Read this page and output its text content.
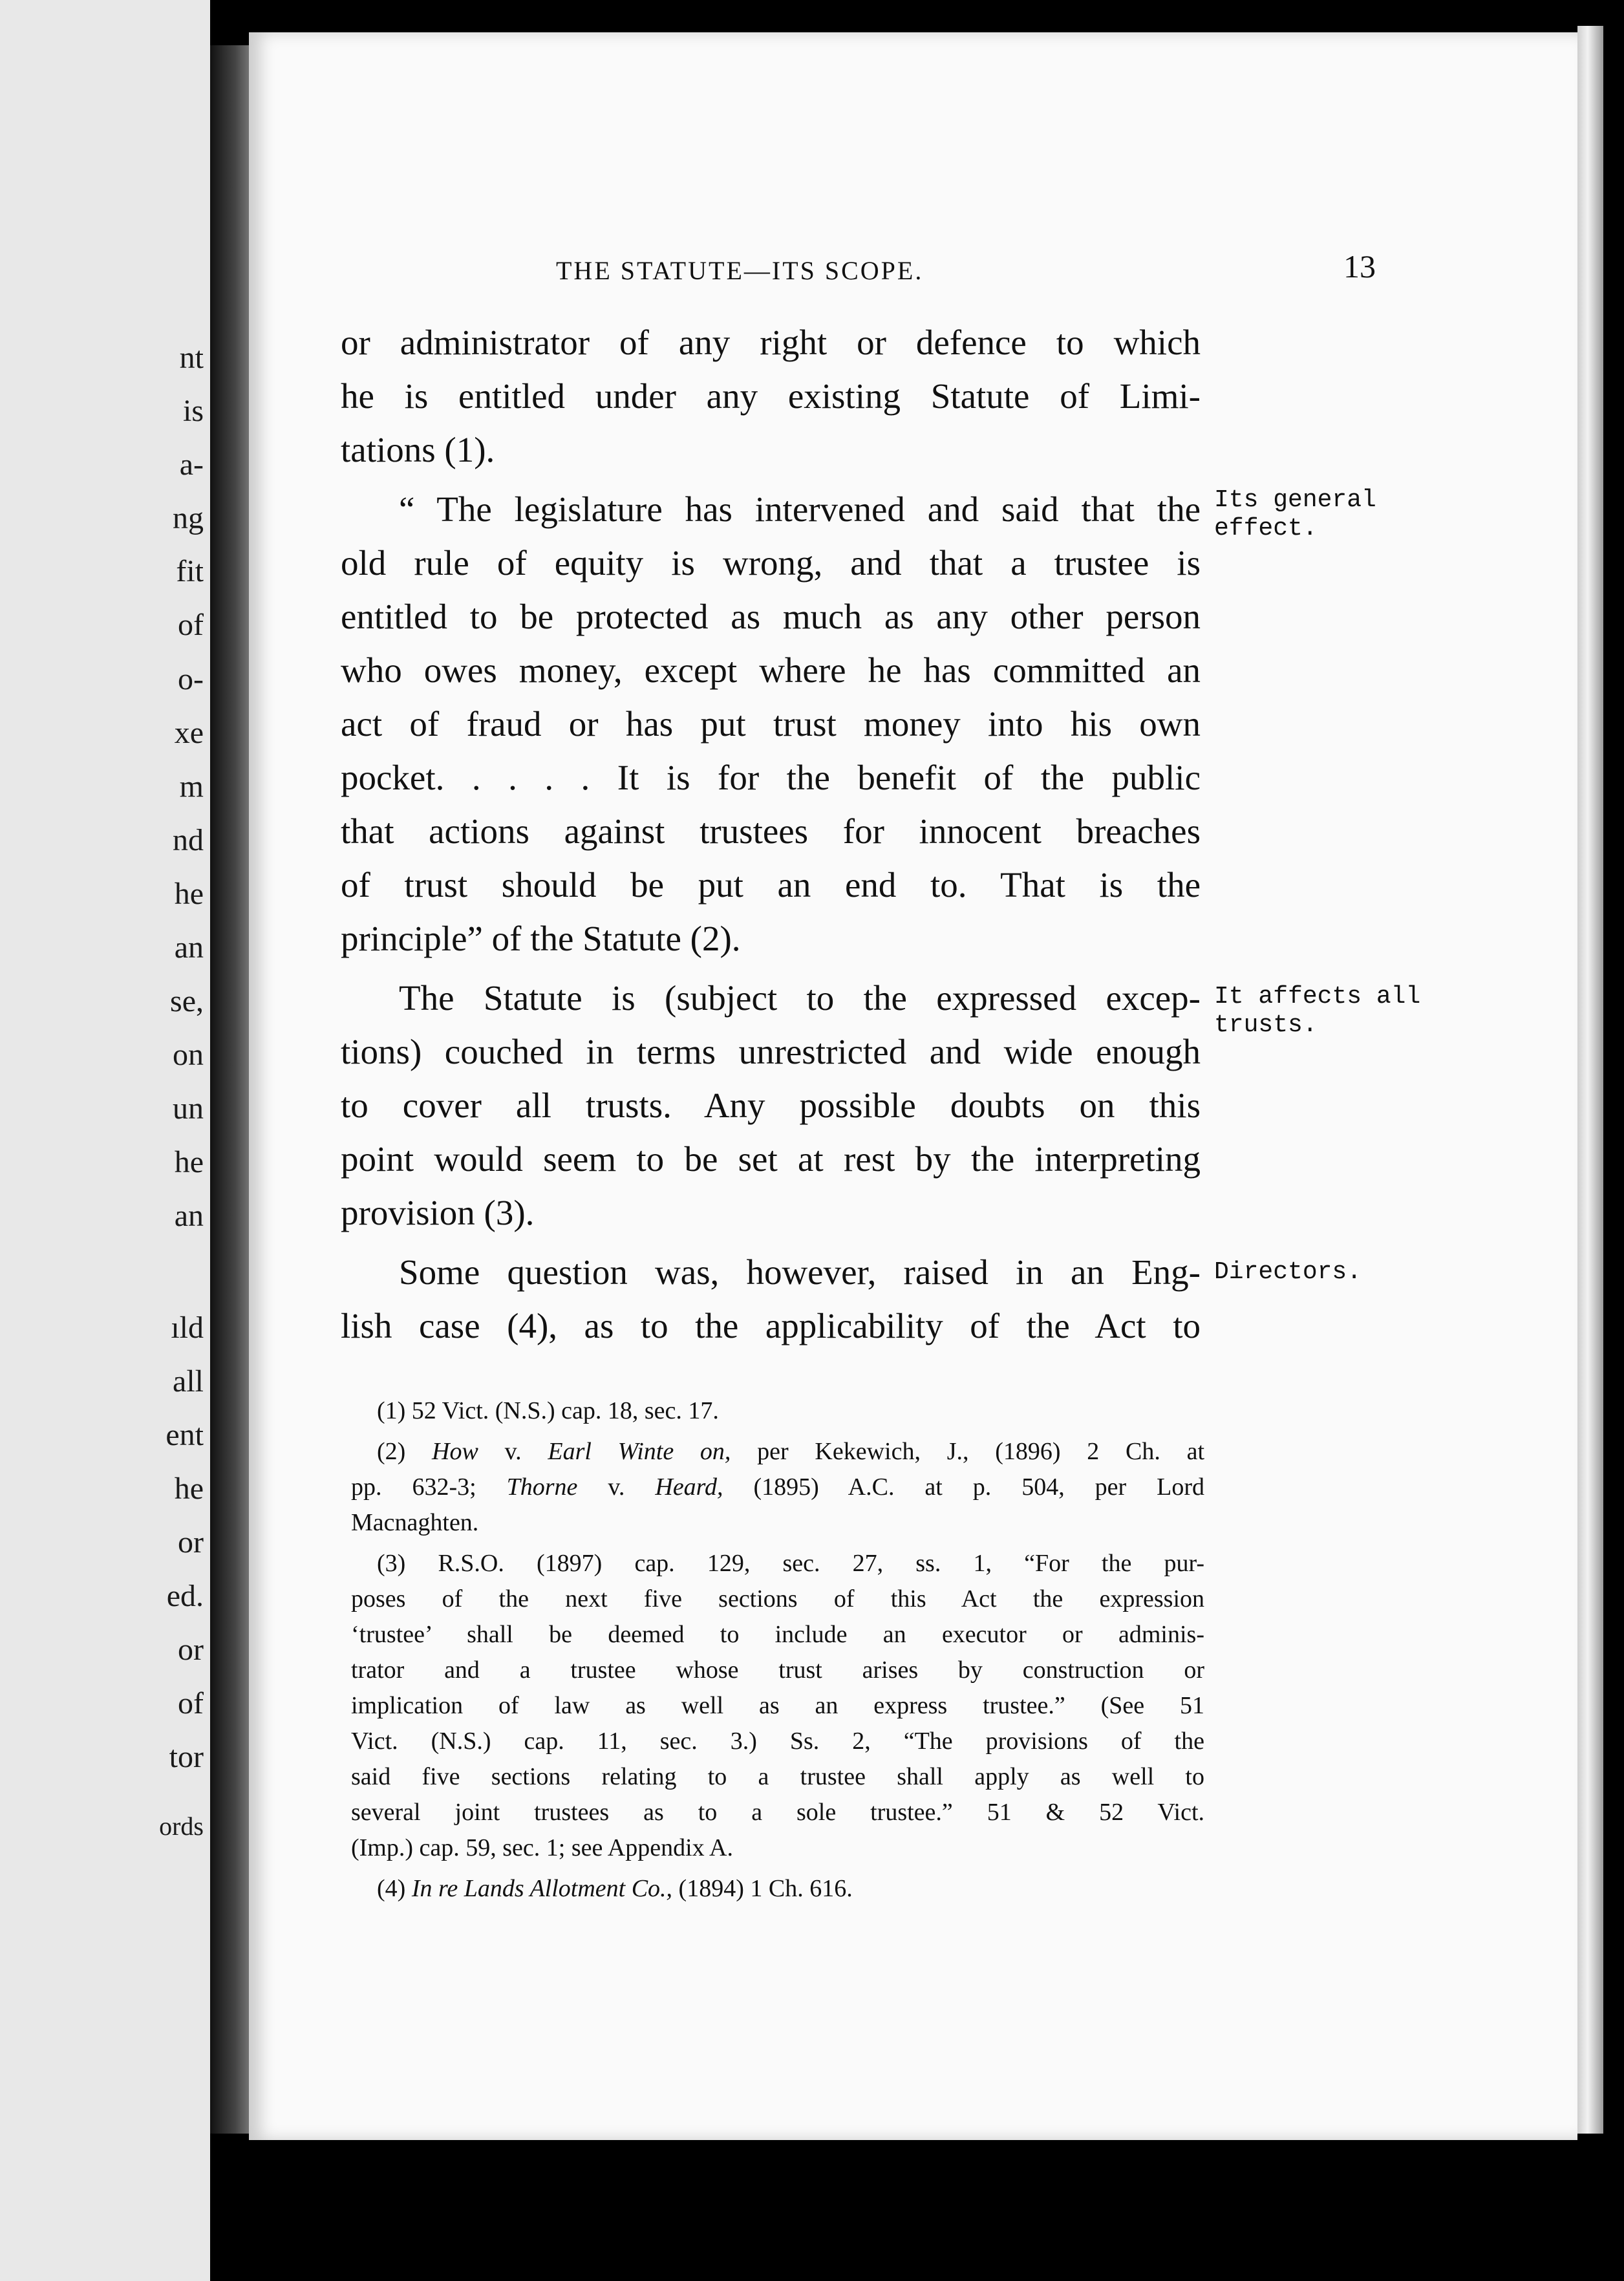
nt
is
a-
ng
fit
of
o-
xe
m
nd
he
an
se,
on
un
he
an
ıld
all
ent
he
or
ed.
or
of
tor
ords
THE STATUTE—ITS SCOPE.	13
or administrator of any right or defence to which
he is entitled under any existing Statute of Limi-
tations (1).
“ The legislature has intervened and said that the
old rule of equity is wrong, and that a trustee is
entitled to be protected as much as any other person
who owes money, except where he has committed an
act of fraud or has put trust money into his own
pocket. . . . . It is for the benefit of the public
that actions against trustees for innocent breaches
of trust should be put an end to. That is the
principle” of the Statute (2).
The Statute is (subject to the expressed excep-
tions) couched in terms unrestricted and wide enough
to cover all trusts. Any possible doubts on this
point would seem to be set at rest by the interpreting
provision (3).
Some question was, however, raised in an Eng-
lish case (4), as to the applicability of the Act to
Its general
effect.
It affects all
trusts.
Directors.
(1) 52 Vict. (N.S.) cap. 18, sec. 17.
(2) How v. Earl Winte on, per Kekewich, J., (1896) 2 Ch. at
pp. 632-3; Thorne v. Heard, (1895) A.C. at p. 504, per Lord
Macnaghten.
(3) R.S.O. (1897) cap. 129, sec. 27, ss. 1, “For the pur-
poses of the next five sections of this Act the expression
‘trustee’ shall be deemed to include an executor or adminis-
trator and a trustee whose trust arises by construction or
implication of law as well as an express trustee.” (See 51
Vict. (N.S.) cap. 11, sec. 3.) Ss. 2, “The provisions of the
said five sections relating to a trustee shall apply as well to
several joint trustees as to a sole trustee.” 51 & 52 Vict.
(Imp.) cap. 59, sec. 1; see Appendix A.
(4) In re Lands Allotment Co., (1894) 1 Ch. 616.
